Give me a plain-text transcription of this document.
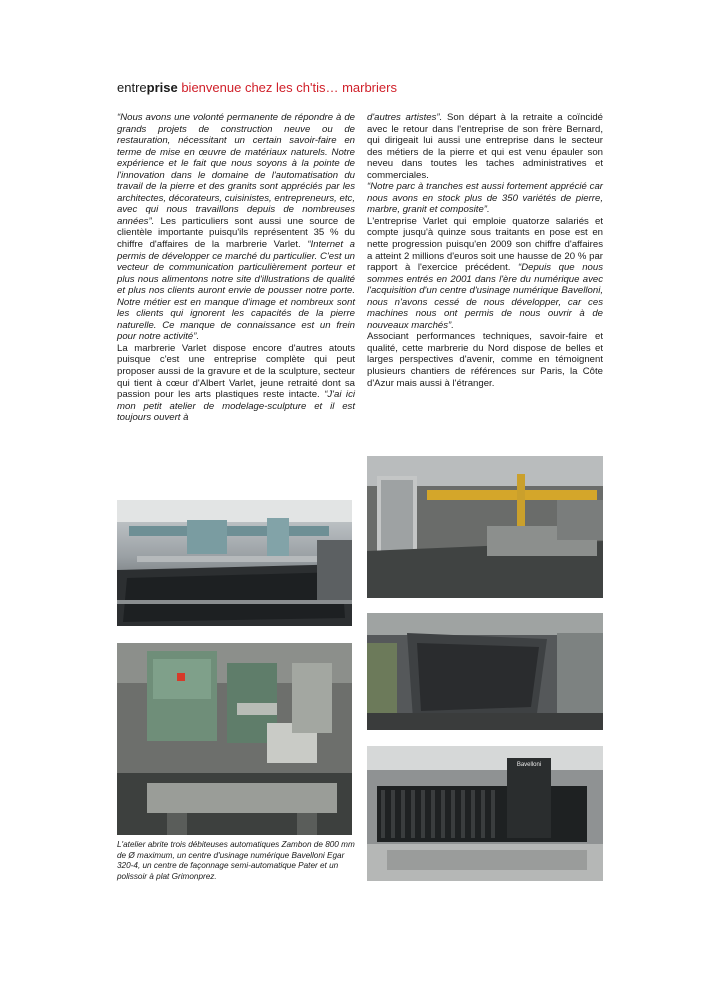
entreprise bienvenue chez les ch'tis… marbriers

“Nous avons une volonté permanente de répondre à de grands projets de construction neuve ou de restauration, nécessitant un certain savoir-faire en terme de mise en œuvre de matériaux naturels. Notre expérience et le fait que nous soyons à la pointe de l'innovation dans le domaine de l'automatisation du travail de la pierre et des granits sont appréciés par les architectes, décorateurs, cuisinistes, entrepreneurs, etc, avec qui nous travaillons depuis de nombreuses années”. Les particuliers sont aussi une source de clientèle importante puisqu'ils représentent 35 % du chiffre d'affaires de la marbrerie Varlet. “Internet a permis de développer ce marché du particulier. C'est un vecteur de communication particulièrement porteur et plus nous alimentons notre site d'illustrations de qualité et plus nos clients auront envie de pousser notre porte. Notre métier est en manque d'image et nombreux sont les clients qui ignorent les capacités de la pierre naturelle. Ce manque de connaissance est un frein pour notre activité”.

La marbrerie Varlet dispose encore d'autres atouts puisque c'est une entreprise complète qui peut proposer aussi de la gravure et de la sculpture, secteur qui tient à cœur d'Albert Varlet, jeune retraité dont sa passion pour les arts plastiques reste intacte. “J'ai ici mon petit atelier de modelage-sculpture et il est toujours ouvert à

d'autres artistes”. Son départ à la retraite a coïncidé avec le retour dans l'entreprise de son frère Bernard, qui dirigeait lui aussi une entreprise dans le secteur des métiers de la pierre et qui est venu épauler son neveu dans toutes les taches administratives et commerciales.

“Notre parc à tranches est aussi fortement apprécié car nous avons en stock plus de 350 variétés de pierre, marbre, granit et composite”.

L'entreprise Varlet qui emploie quatorze salariés et compte jusqu'à quinze sous traitants en pose est en nette progression puisqu'en 2009 son chiffre d'affaires a atteint 2 millions d'euros soit une hausse de 20 % par rapport à l'exercice précédent. “Depuis que nous sommes entrés en 2001 dans l'ère du numérique avec l'acquisition d'un centre d'usinage numérique Bavelloni, nous n'avons cessé de nous développer, car ces machines nous ont permis de nous ouvrir à de nouveaux marchés”.

Associant performances techniques, savoir-faire et qualité, cette marbrerie du Nord dispose de belles et larges perspectives d'avenir, comme en témoignent plusieurs chantiers de références sur Paris, la Côte d'Azur mais aussi à l'étranger.

Bavelloni
L'atelier abrite trois débiteuses automatiques Zambon de 800 mm de Ø maximum, un centre d'usinage numérique Bavelloni Egar 320-4, un centre de façonnage semi-automatique Pater et un polissoir à plat Grimonprez.
